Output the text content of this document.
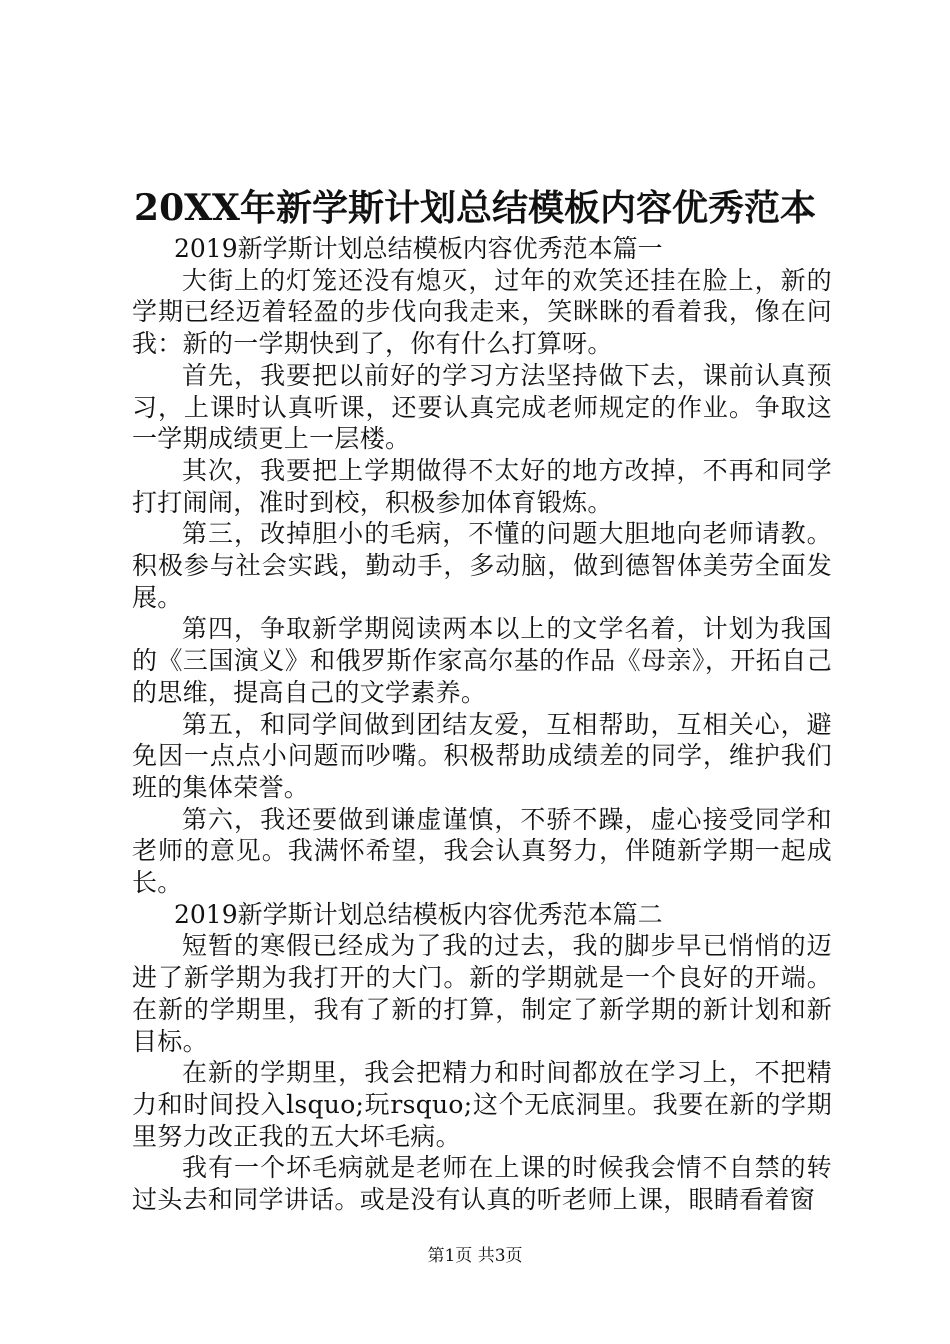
20XX年新学斯计划总结模板内容优秀范本

2019新学斯计划总结模板内容优秀范本篇一

大街上的灯笼还没有熄灭，过年的欢笑还挂在脸上，新的学期已经迈着轻盈的步伐向我走来，笑眯眯的看着我，像在问我：新的一学期快到了，你有什么打算呀。

首先，我要把以前好的学习方法坚持做下去，课前认真预习，上课时认真听课，还要认真完成老师规定的作业。争取这一学期成绩更上一层楼。

其次，我要把上学期做得不太好的地方改掉，不再和同学打打闹闹，准时到校，积极参加体育锻炼。

第三，改掉胆小的毛病，不懂的问题大胆地向老师请教。积极参与社会实践，勤动手，多动脑，做到德智体美劳全面发展。

第四，争取新学期阅读两本以上的文学名着，计划为我国的《三国演义》和俄罗斯作家高尔基的作品《母亲》，开拓自己的思维，提高自己的文学素养。

第五，和同学间做到团结友爱，互相帮助，互相关心，避免因一点点小问题而吵嘴。积极帮助成绩差的同学，维护我们班的集体荣誉。

第六，我还要做到谦虚谨慎，不骄不躁，虚心接受同学和老师的意见。我满怀希望，我会认真努力，伴随新学期一起成长。

2019新学斯计划总结模板内容优秀范本篇二

短暂的寒假已经成为了我的过去，我的脚步早已悄悄的迈进了新学期为我打开的大门。新的学期就是一个良好的开端。在新的学期里，我有了新的打算，制定了新学期的新计划和新目标。

在新的学期里，我会把精力和时间都放在学习上，不把精力和时间投入lsquo;玩rsquo;这个无底洞里。我要在新的学期里努力改正我的五大坏毛病。

我有一个坏毛病就是老师在上课的时候我会情不自禁的转过头去和同学讲话。或是没有认真的听老师上课，眼睛看着窗

第1页 共3页
